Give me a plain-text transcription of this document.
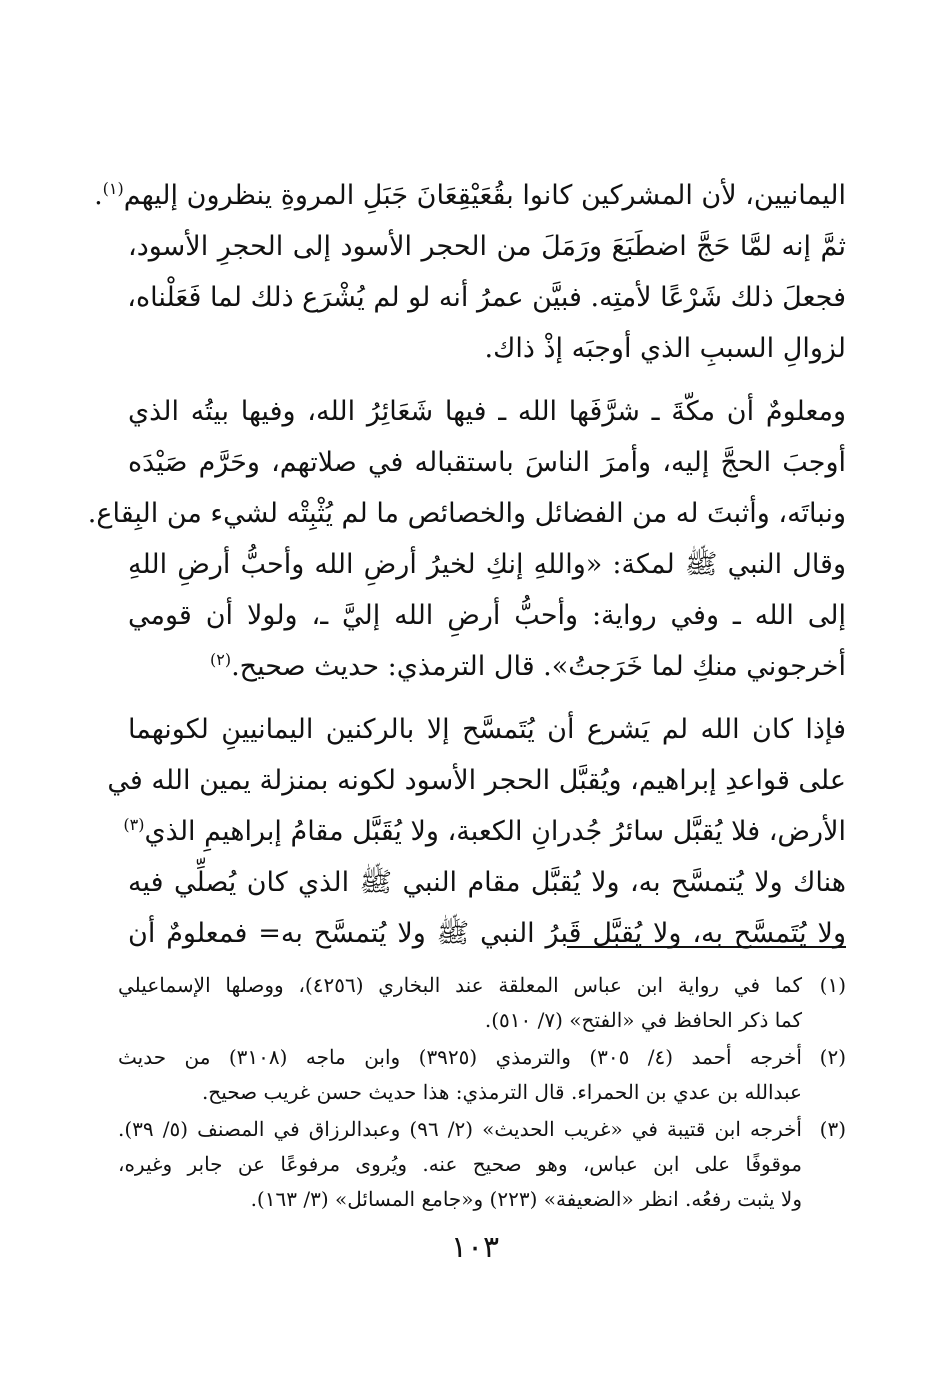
اليمانيين، لأن المشركين كانوا بقُعَيْقِعَانَ جَبَلِ المروةِ ينظرون إليهم$^{(١)}$.
ثمَّ إنه لمَّا حَجَّ اضطَبَعَ ورَمَلَ من الحجر الأسود إلى الحجرِ الأسود،
فجعلَ ذلك شَرْعًا لأمتِه. فبيَّن عمرُ أنه لو لم يُشْرَع ذلك لما فَعَلْناه،
لزوالِ السببِ الذي أوجبَه إذْ ذاك.
ومعلومٌ أن مكّةَ ـ شرَّفَها الله ـ فيها شَعَائِرُ الله، وفيها بيتُه الذي
أوجبَ الحجَّ إليه، وأمرَ الناسَ باستقباله في صلاتهم، وحَرَّم صَيْدَه
ونباتَه، وأثبتَ له من الفضائل والخصائص ما لم يُثْبِتْه لشيء من البِقاع.
وقال النبي ﷺ لمكة: «واللهِ إنكِ لخيرُ أرضِ الله وأحبُّ أرضِ اللهِ
إلى الله ـ وفي رواية: وأحبُّ أرضِ الله إليَّ ـ، ولولا أن قومي
أخرجوني منكِ لما خَرَجتُ». قال الترمذي: حديث صحيح.$^{(٢)}$
فإذا كان الله لم يَشرع أن يُتَمسَّح إلا بالركنين اليمانيينِ لكونهما
على قواعدِ إبراهيم، ويُقبَّل الحجر الأسود لكونه بمنزلة يمين الله في
الأرض، فلا يُقبَّل سائرُ جُدرانِ الكعبة، ولا يُقَبَّل مقامُ إبراهيمِ الذي$^{(٣)}$
هناك ولا يُتمسَّح به، ولا يُقبَّل مقام النبي ﷺ الذي كان يُصلِّي فيه
ولا يُتَمسَّح به، ولا يُقبَّل قَبرُ النبي ﷺ ولا يُتمسَّح به= فمعلومٌ أن
(١)
كما في رواية ابن عباس المعلقة عند البخاري (٤٢٥٦)، ووصلها الإسماعيلي
كما ذكر الحافظ في «الفتح» (٧/ ٥١٠).
(٢)
أخرجه أحمد (٤/ ٣٠٥) والترمذي (٣٩٢٥) وابن ماجه (٣١٠٨) من حديث
عبدالله بن عدي بن الحمراء. قال الترمذي: هذا حديث حسن غريب صحيح.
(٣)
أخرجه ابن قتيبة في «غريب الحديث» (٢/ ٩٦) وعبدالرزاق في المصنف (٥/ ٣٩).
موقوفًا على ابن عباس، وهو صحيح عنه. ويُروى مرفوعًا عن جابر وغيره،
ولا يثبت رفعُه. انظر «الضعيفة» (٢٢٣) و«جامع المسائل» (٣/ ١٦٣).
١٠٣
